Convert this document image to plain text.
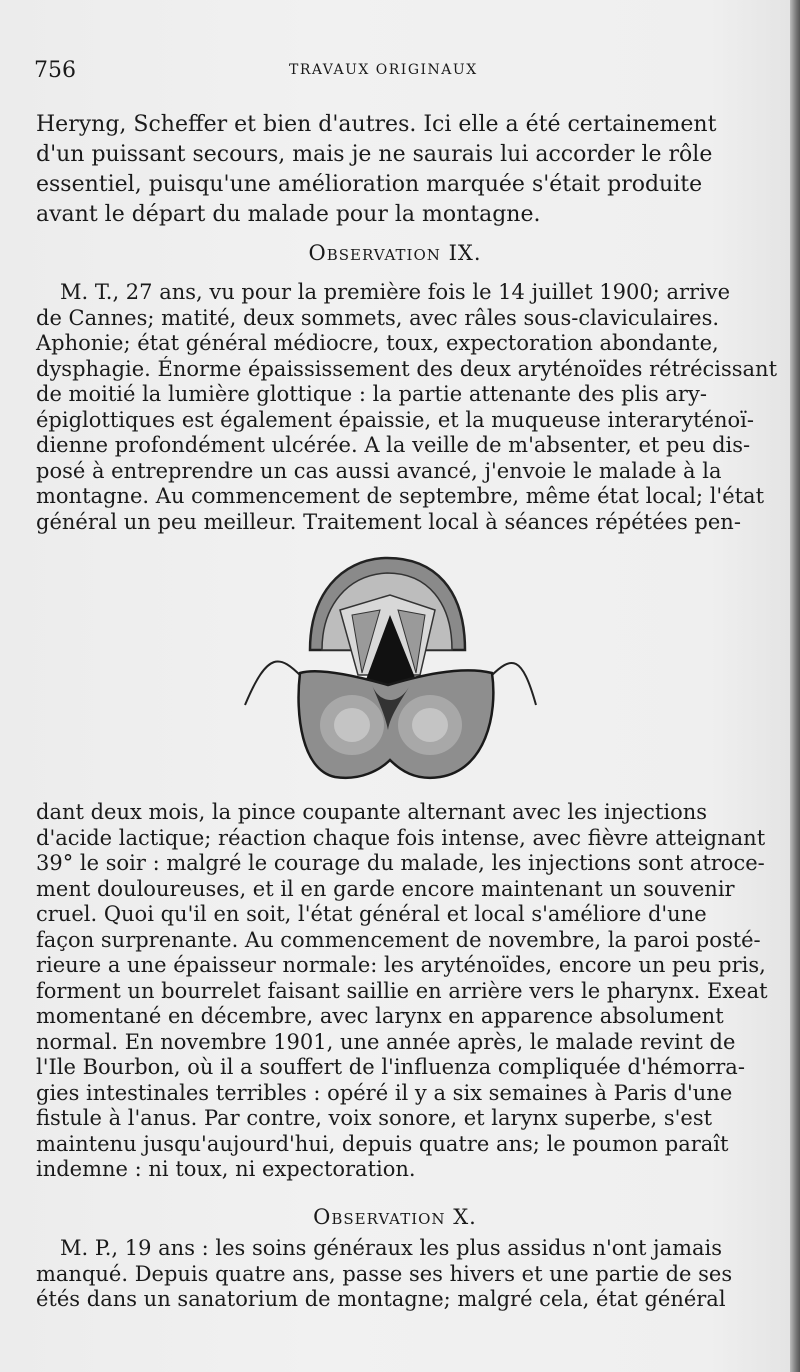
756	TRAVAUX ORIGINAUX

Heryng, Scheffer et bien d'autres. Ici elle a été certainement
d'un puissant secours, mais je ne saurais lui accorder le rôle
essentiel, puisqu'une amélioration marquée s'était produite
avant le départ du malade pour la montagne.

Observation IX.

M. T., 27 ans, vu pour la première fois le 14 juillet 1900; arrive
de Cannes; matité, deux sommets, avec râles sous-claviculaires.
Aphonie; état général médiocre, toux, expectoration abondante,
dysphagie. Énorme épaississement des deux aryténoïdes rétrécissant
de moitié la lumière glottique : la partie attenante des plis ary-
épiglottiques est également épaissie, et la muqueuse interaryténoï-
dienne profondément ulcérée. A la veille de m'absenter, et peu dis-
posé à entreprendre un cas aussi avancé, j'envoie le malade à la
montagne. Au commencement de septembre, même état local; l'état
général un peu meilleur. Traitement local à séances répétées pen-

dant deux mois, la pince coupante alternant avec les injections
d'acide lactique; réaction chaque fois intense, avec fièvre atteignant
39° le soir : malgré le courage du malade, les injections sont atroce-
ment douloureuses, et il en garde encore maintenant un souvenir
cruel. Quoi qu'il en soit, l'état général et local s'améliore d'une
façon surprenante. Au commencement de novembre, la paroi posté-
rieure a une épaisseur normale: les aryténoïdes, encore un peu pris,
forment un bourrelet faisant saillie en arrière vers le pharynx. Exeat
momentané en décembre, avec larynx en apparence absolument
normal. En novembre 1901, une année après, le malade revint de
l'Ile Bourbon, où il a souffert de l'influenza compliquée d'hémorra-
gies intestinales terribles : opéré il y a six semaines à Paris d'une
fistule à l'anus. Par contre, voix sonore, et larynx superbe, s'est
maintenu jusqu'aujourd'hui, depuis quatre ans; le poumon paraît
indemne : ni toux, ni expectoration.

Observation X.

M. P., 19 ans : les soins généraux les plus assidus n'ont jamais
manqué. Depuis quatre ans, passe ses hivers et une partie de ses
étés dans un sanatorium de montagne; malgré cela, état général
